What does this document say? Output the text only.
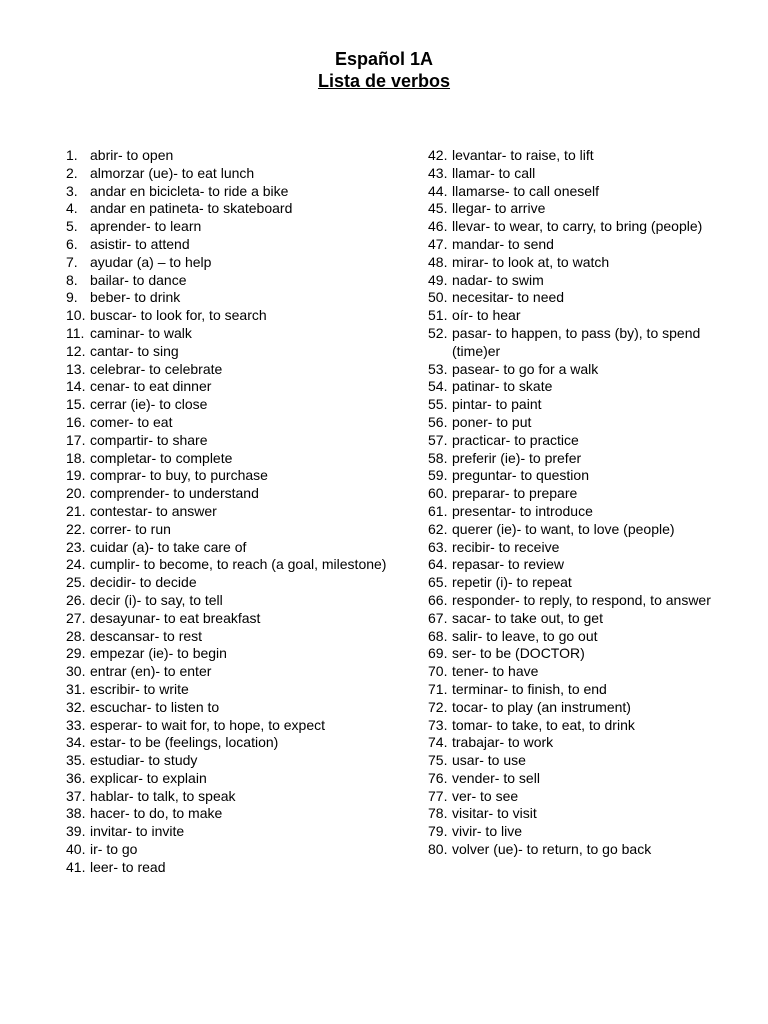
Español 1A
Lista de verbos
1. abrir- to open
2. almorzar (ue)- to eat lunch
3. andar en bicicleta- to ride a bike
4. andar en patineta- to skateboard
5. aprender- to learn
6. asistir- to attend
7. ayudar (a) – to help
8. bailar- to dance
9. beber- to drink
10. buscar- to look for, to search
11. caminar- to walk
12. cantar- to sing
13. celebrar- to celebrate
14. cenar- to eat dinner
15. cerrar (ie)- to close
16. comer- to eat
17. compartir- to share
18. completar- to complete
19. comprar- to buy, to purchase
20. comprender- to understand
21. contestar- to answer
22. correr- to run
23. cuidar (a)- to take care of
24. cumplir- to become, to reach (a goal, milestone)
25. decidir- to decide
26. decir (i)- to say, to tell
27. desayunar- to eat breakfast
28. descansar- to rest
29. empezar (ie)- to begin
30. entrar (en)- to enter
31. escribir- to write
32. escuchar- to listen to
33. esperar- to wait for, to hope, to expect
34. estar- to be (feelings, location)
35. estudiar- to study
36. explicar- to explain
37. hablar- to talk, to speak
38. hacer- to do, to make
39. invitar- to invite
40. ir- to go
41. leer- to read
42. levantar- to raise, to lift
43. llamar- to call
44. llamarse- to call oneself
45. llegar- to arrive
46. llevar- to wear, to carry, to bring (people)
47. mandar- to send
48. mirar- to look at, to watch
49. nadar- to swim
50. necesitar- to need
51. oír- to hear
52. pasar- to happen, to pass (by), to spend (time)er
53. pasear- to go for a walk
54. patinar- to skate
55. pintar- to paint
56. poner- to put
57. practicar- to practice
58. preferir (ie)- to prefer
59. preguntar- to question
60. preparar- to prepare
61. presentar- to introduce
62. querer (ie)- to want, to love (people)
63. recibir- to receive
64. repasar- to review
65. repetir (i)- to repeat
66. responder- to reply, to respond, to answer
67. sacar- to take out, to get
68. salir- to leave, to go out
69. ser- to be (DOCTOR)
70. tener- to have
71. terminar- to finish, to end
72. tocar- to play (an instrument)
73. tomar- to take, to eat, to drink
74. trabajar- to work
75. usar- to use
76. vender- to sell
77. ver- to see
78. visitar- to visit
79. vivir- to live
80. volver (ue)- to return, to go back
